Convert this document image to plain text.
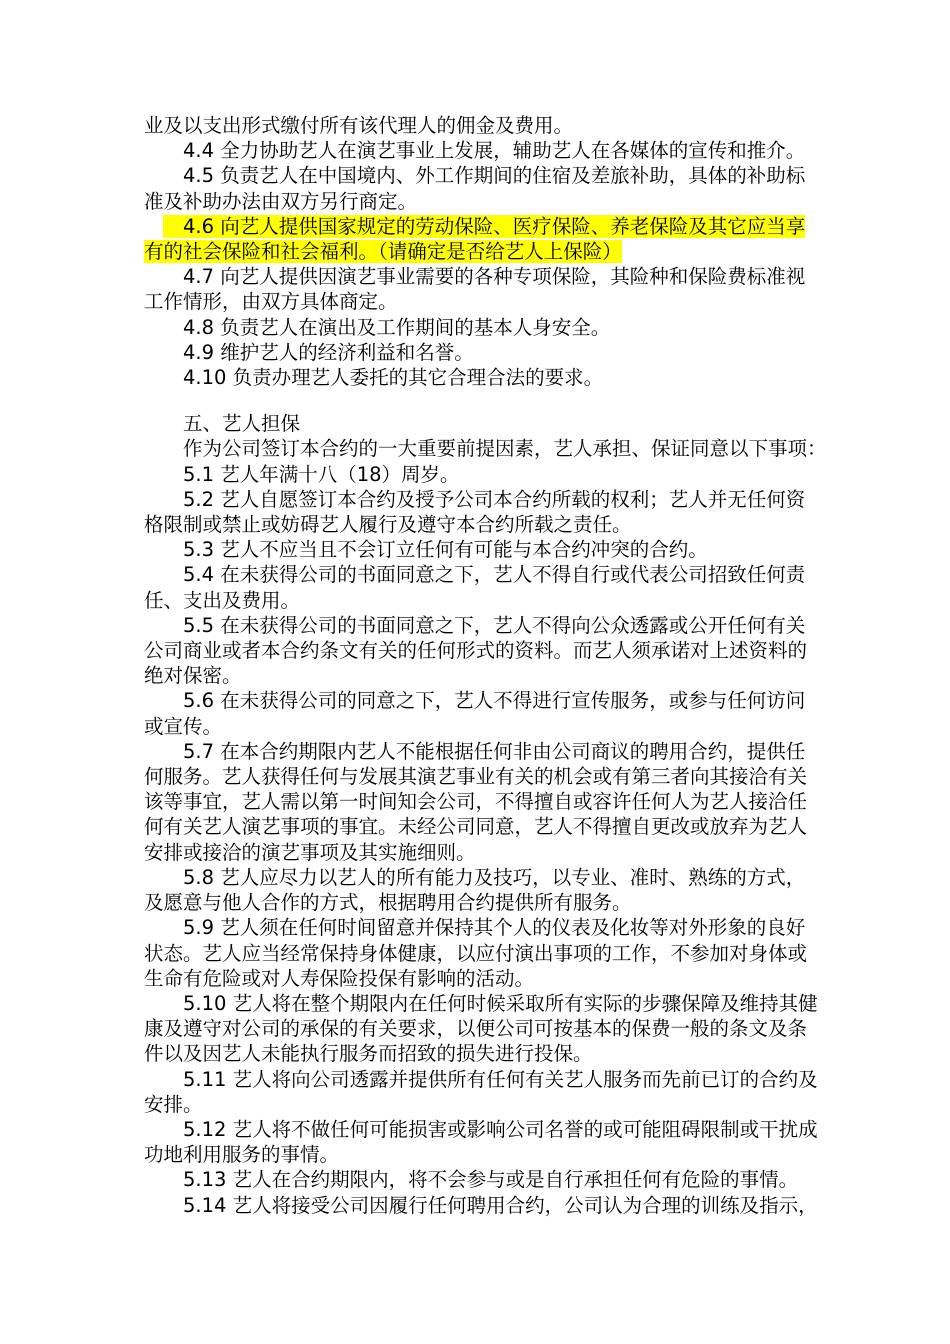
业及以支出形式缴付所有该代理人的佣金及费用。
4.4 全力协助艺人在演艺事业上发展，辅助艺人在各媒体的宣传和推介。
4.5 负责艺人在中国境内、外工作期间的住宿及差旅补助，具体的补助标
准及补助办法由双方另行商定。
4.6 向艺人提供国家规定的劳动保险、医疗保险、养老保险及其它应当享
有的社会保险和社会福利。（请确定是否给艺人上保险）
4.7 向艺人提供因演艺事业需要的各种专项保险，其险种和保险费标准视
工作情形，由双方具体商定。
4.8 负责艺人在演出及工作期间的基本人身安全。
4.9 维护艺人的经济利益和名誉。
4.10 负责办理艺人委托的其它合理合法的要求。
五、艺人担保
作为公司签订本合约的一大重要前提因素，艺人承担、保证同意以下事项：
5.1 艺人年满十八（18）周岁。
5.2 艺人自愿签订本合约及授予公司本合约所载的权利；艺人并无任何资
格限制或禁止或妨碍艺人履行及遵守本合约所载之责任。
5.3 艺人不应当且不会订立任何有可能与本合约冲突的合约。
5.4 在未获得公司的书面同意之下，艺人不得自行或代表公司招致任何责
任、支出及费用。
5.5 在未获得公司的书面同意之下，艺人不得向公众透露或公开任何有关
公司商业或者本合约条文有关的任何形式的资料。而艺人须承诺对上述资料的
绝对保密。
5.6 在未获得公司的同意之下，艺人不得进行宣传服务，或参与任何访问
或宣传。
5.7 在本合约期限内艺人不能根据任何非由公司商议的聘用合约，提供任
何服务。艺人获得任何与发展其演艺事业有关的机会或有第三者向其接洽有关
该等事宜，艺人需以第一时间知会公司，不得擅自或容许任何人为艺人接洽任
何有关艺人演艺事项的事宜。未经公司同意，艺人不得擅自更改或放弃为艺人
安排或接洽的演艺事项及其实施细则。
5.8 艺人应尽力以艺人的所有能力及技巧，以专业、准时、熟练的方式，
及愿意与他人合作的方式，根据聘用合约提供所有服务。
5.9 艺人须在任何时间留意并保持其个人的仪表及化妆等对外形象的良好
状态。艺人应当经常保持身体健康，以应付演出事项的工作，不参加对身体或
生命有危险或对人寿保险投保有影响的活动。
5.10 艺人将在整个期限内在任何时候采取所有实际的步骤保障及维持其健
康及遵守对公司的承保的有关要求，以便公司可按基本的保费一般的条文及条
件以及因艺人未能执行服务而招致的损失进行投保。
5.11 艺人将向公司透露并提供所有任何有关艺人服务而先前已订的合约及
安排。
5.12 艺人将不做任何可能损害或影响公司名誉的或可能阻碍限制或干扰成
功地利用服务的事情。
5.13 艺人在合约期限内，将不会参与或是自行承担任何有危险的事情。
5.14 艺人将接受公司因履行任何聘用合约，公司认为合理的训练及指示，
